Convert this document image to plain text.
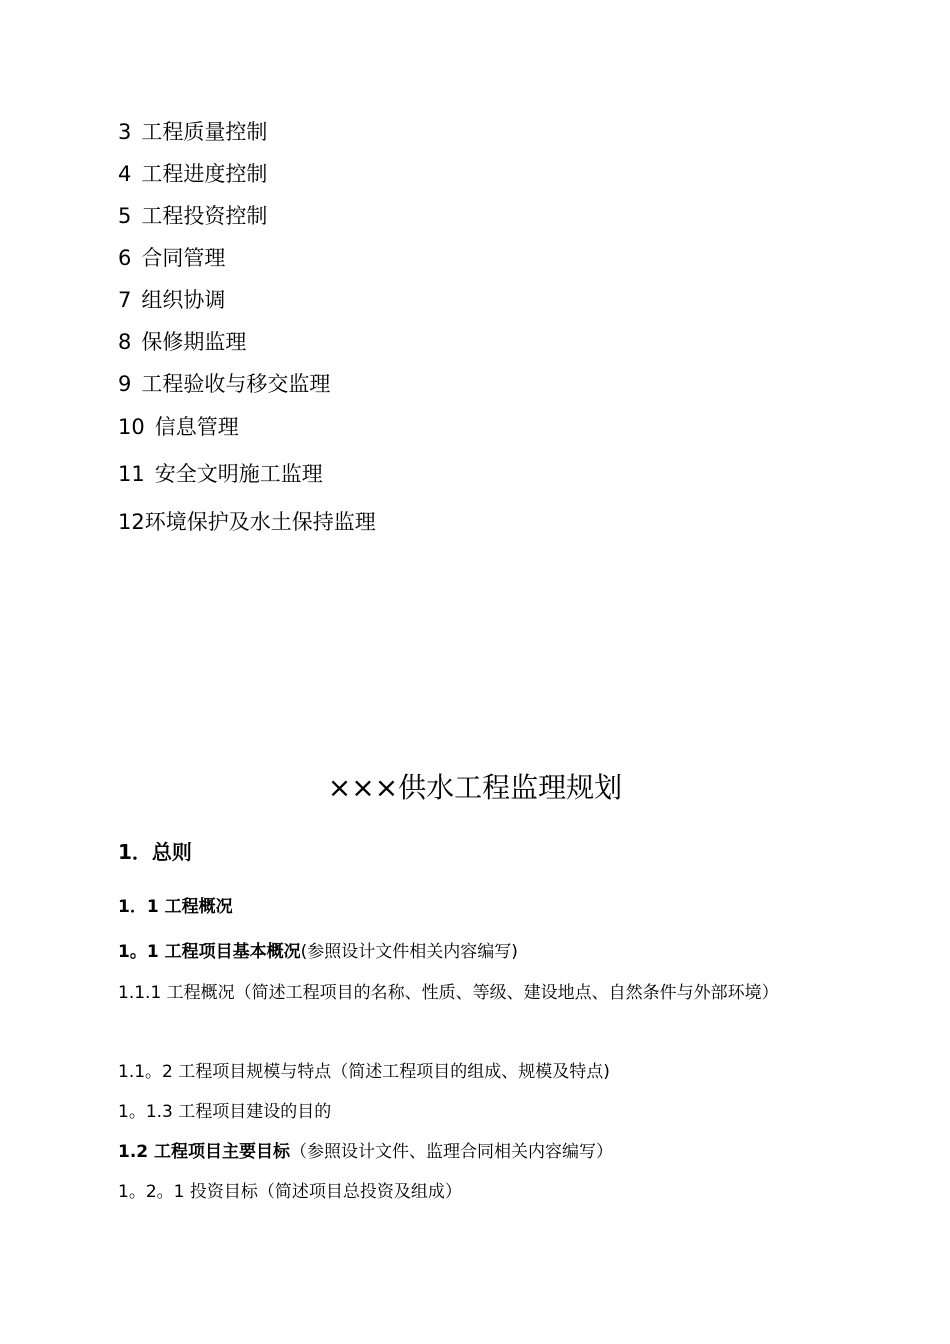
3 工程质量控制
4 工程进度控制
5 工程投资控制
6 合同管理
7 组织协调
8 保修期监理
9 工程验收与移交监理
10 信息管理
11 安全文明施工监理
12环境保护及水土保持监理
×××供水工程监理规划
1．总则
1．1 工程概况
1。1 工程项目基本概况(参照设计文件相关内容编写)
1.1.1 工程概况（简述工程项目的名称、性质、等级、建设地点、自然条件与外部环境）
1.1。2 工程项目规模与特点（简述工程项目的组成、规模及特点)
1。1.3 工程项目建设的目的
1.2 工程项目主要目标（参照设计文件、监理合同相关内容编写）
1。2。1 投资目标（简述项目总投资及组成）
